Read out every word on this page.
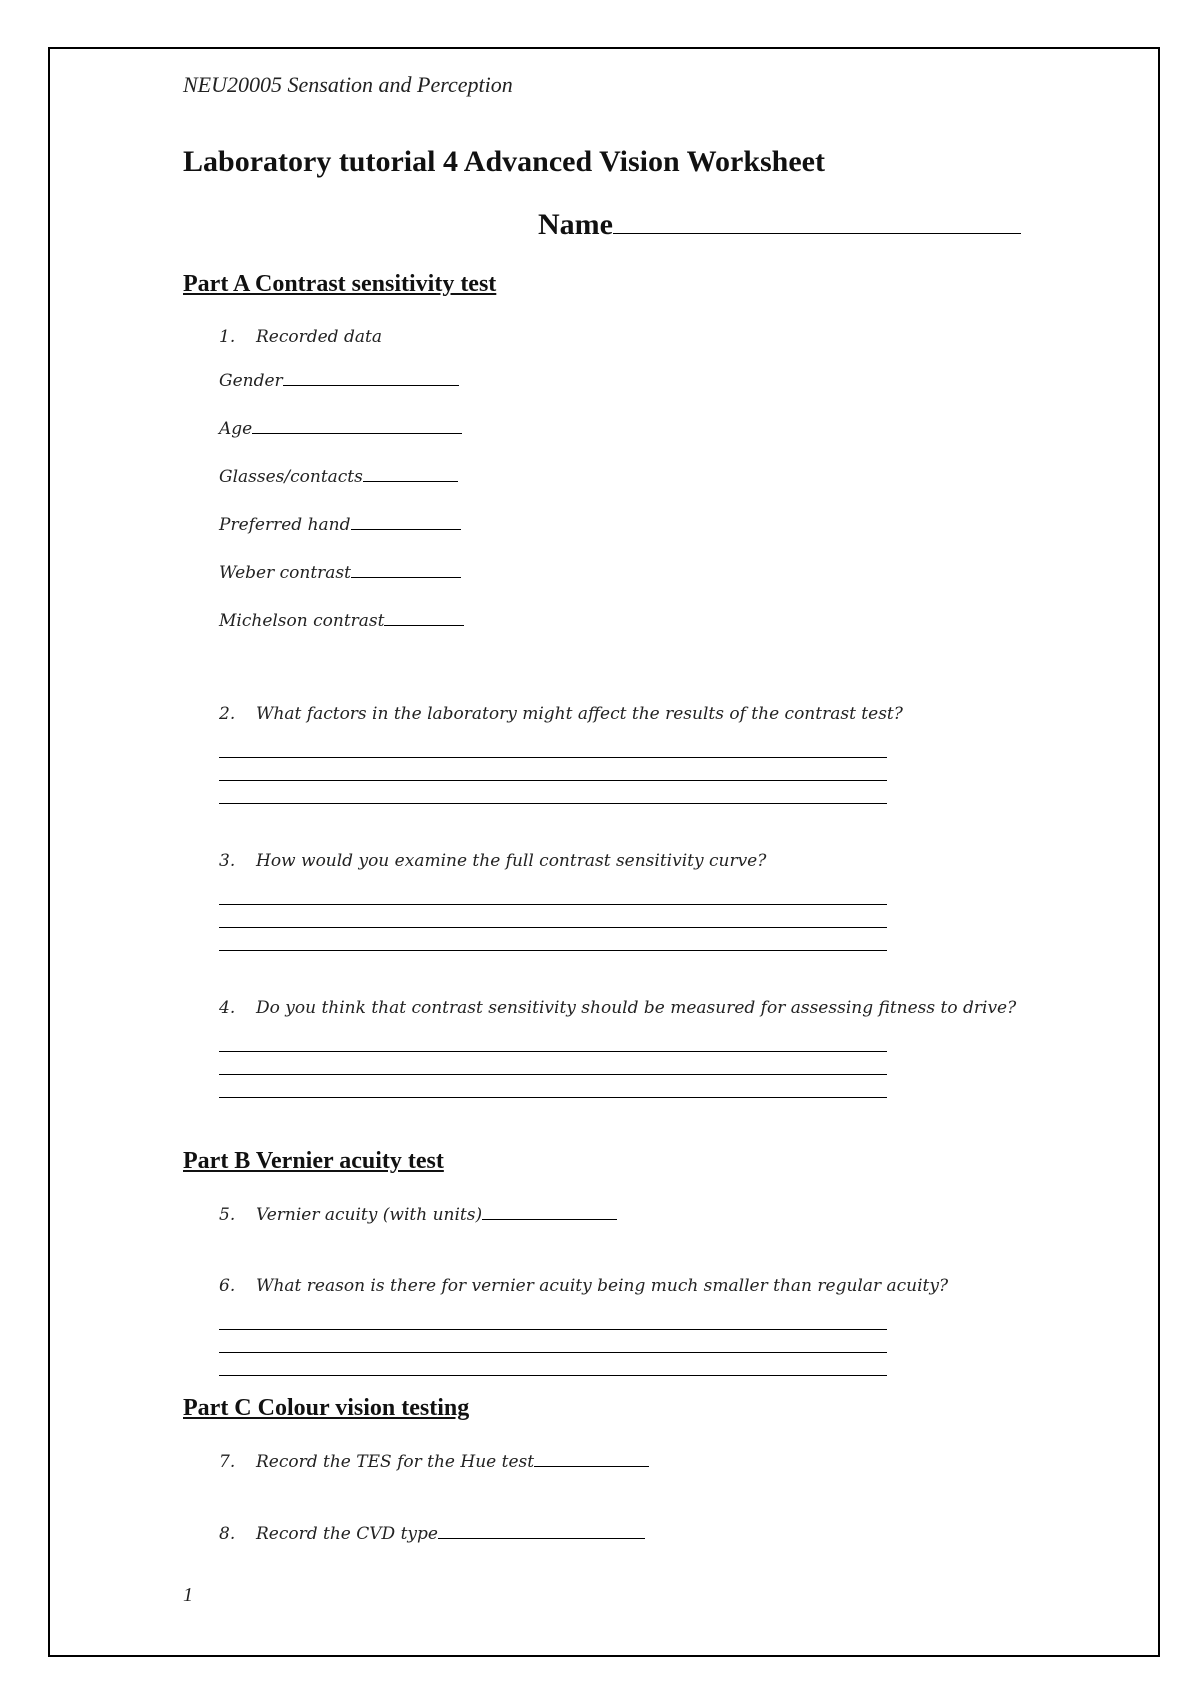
NEU20005 Sensation and Perception
Laboratory tutorial 4 Advanced Vision Worksheet
Name
Part A Contrast sensitivity test
1. Recorded data
Gender
Age
Glasses/contacts
Preferred hand
Weber contrast
Michelson contrast
2. What factors in the laboratory might affect the results of the contrast test?
3. How would you examine the full contrast sensitivity curve?
4. Do you think that contrast sensitivity should be measured for assessing fitness to drive?
Part B Vernier acuity test
5. Vernier acuity (with units)
6. What reason is there for vernier acuity being much smaller than regular acuity?
Part C Colour vision testing
7. Record the TES for the Hue test
8. Record the CVD type
1
